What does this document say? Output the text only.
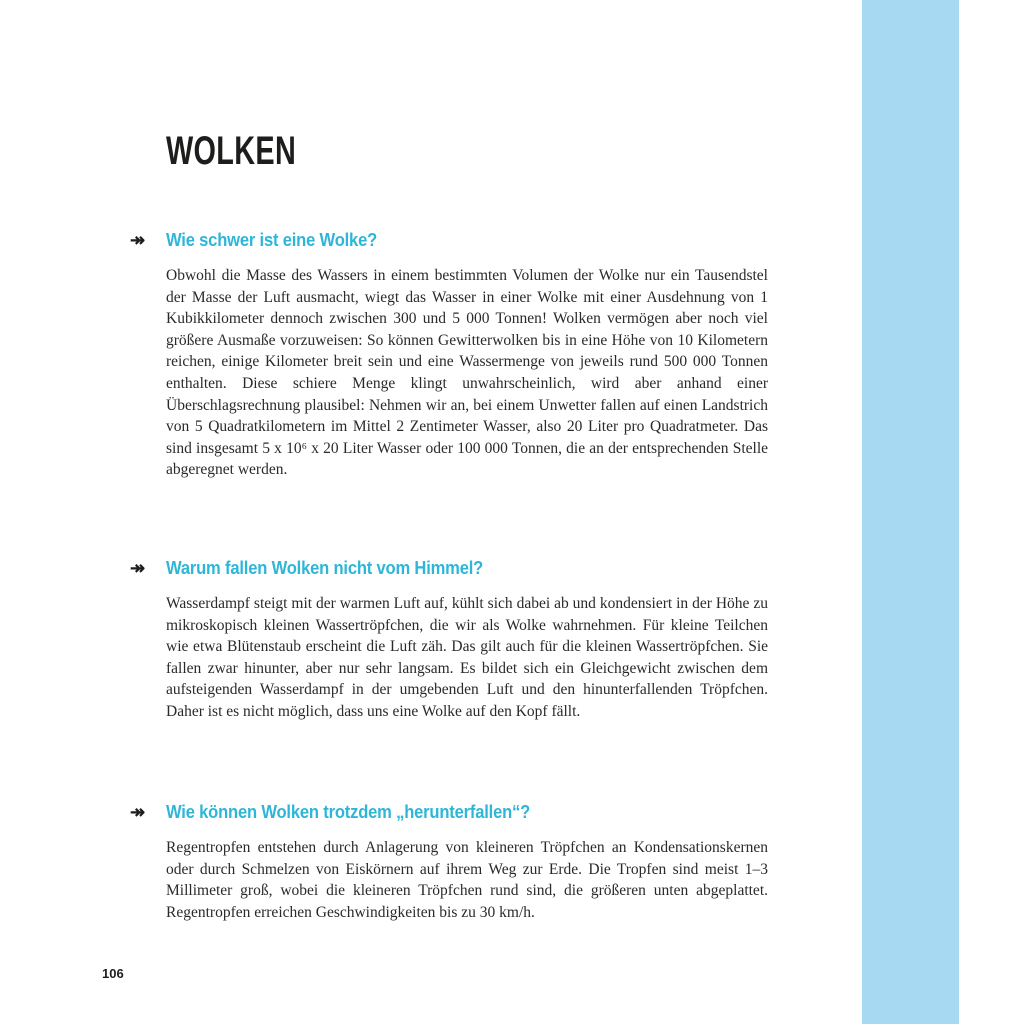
WOLKEN
↠	Wie schwer ist eine Wolke?

Obwohl die Masse des Wassers in einem bestimmten Volumen der Wolke nur ein Tausendstel der Masse der Luft ausmacht, wiegt das Wasser in einer Wolke mit einer Ausdehnung von 1 Kubikkilometer dennoch zwischen 300 und 5 000 Tonnen! Wolken vermögen aber noch viel größere Ausmaße vorzuweisen: So können Gewitterwolken bis in eine Höhe von 10 Kilometern reichen, einige Kilometer breit sein und eine Wassermenge von jeweils rund 500 000 Tonnen enthalten. Diese schiere Menge klingt unwahrscheinlich, wird aber anhand einer Überschlagsrechnung plausibel: Nehmen wir an, bei einem Unwetter fallen auf einen Landstrich von 5 Quadratkilometern im Mittel 2 Zentimeter Wasser, also 20 Liter pro Quadratmeter. Das sind insgesamt 5 x 10⁶ x 20 Liter Wasser oder 100 000 Tonnen, die an der entsprechenden Stelle abgeregnet werden.

↠	Warum fallen Wolken nicht vom Himmel?

Wasserdampf steigt mit der warmen Luft auf, kühlt sich dabei ab und kondensiert in der Höhe zu mikroskopisch kleinen Wassertröpfchen, die wir als Wolke wahrnehmen. Für kleine Teilchen wie etwa Blütenstaub erscheint die Luft zäh. Das gilt auch für die kleinen Wassertröpfchen. Sie fallen zwar hinunter, aber nur sehr langsam. Es bildet sich ein Gleichgewicht zwischen dem aufsteigenden Wasserdampf in der umgebenden Luft und den hinunterfallenden Tröpfchen. Daher ist es nicht möglich, dass uns eine Wolke auf den Kopf fällt.

↠	Wie können Wolken trotzdem „herunterfallen“?

Regentropfen entstehen durch Anlagerung von kleineren Tröpfchen an Kondensationskernen oder durch Schmelzen von Eiskörnern auf ihrem Weg zur Erde. Die Tropfen sind meist 1–3 Millimeter groß, wobei die kleineren Tröpfchen rund sind, die größeren unten abgeplattet. Regentropfen erreichen Geschwindigkeiten bis zu 30 km/h.

106
